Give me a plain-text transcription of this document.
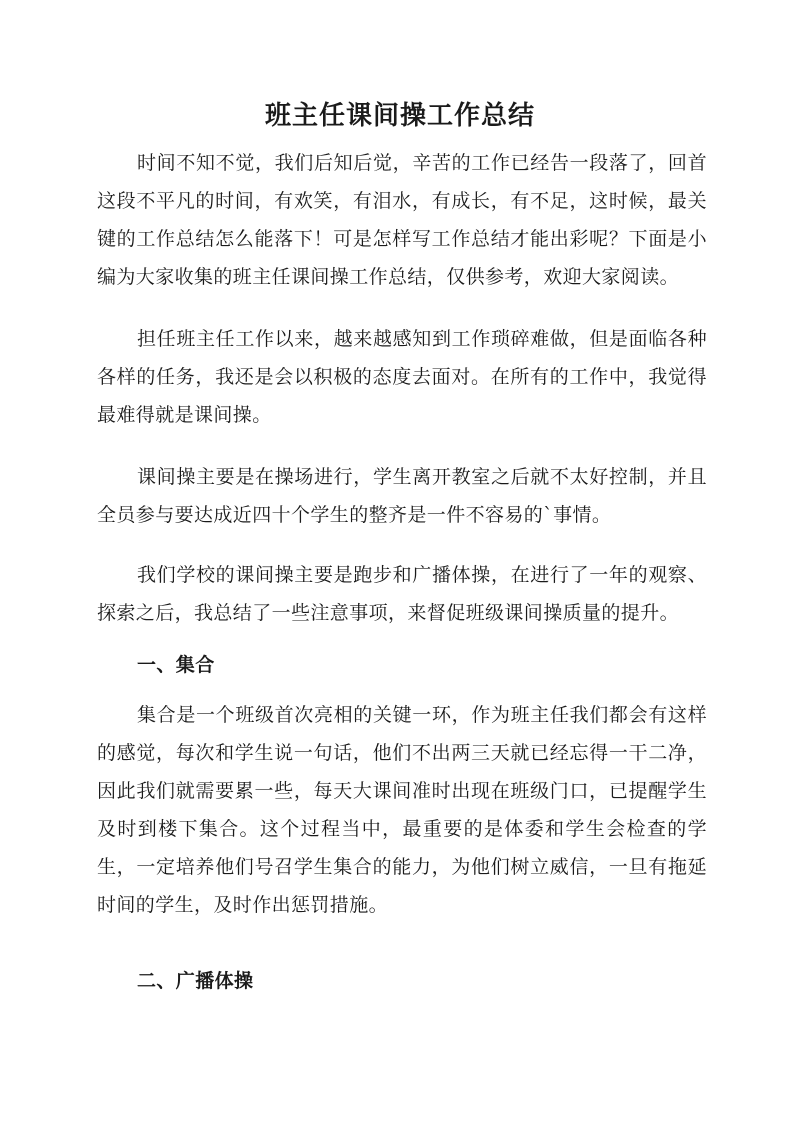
班主任课间操工作总结

时间不知不觉，我们后知后觉，辛苦的工作已经告一段落了，回首这段不平凡的时间，有欢笑，有泪水，有成长，有不足，这时候，最关键的工作总结怎么能落下！可是怎样写工作总结才能出彩呢？下面是小编为大家收集的班主任课间操工作总结，仅供参考，欢迎大家阅读。

担任班主任工作以来，越来越感知到工作琐碎难做，但是面临各种各样的任务，我还是会以积极的态度去面对。在所有的工作中，我觉得最难得就是课间操。

课间操主要是在操场进行，学生离开教室之后就不太好控制，并且全员参与要达成近四十个学生的整齐是一件不容易的`事情。

我们学校的课间操主要是跑步和广播体操，在进行了一年的观察、探索之后，我总结了一些注意事项，来督促班级课间操质量的提升。

一、集合

集合是一个班级首次亮相的关键一环，作为班主任我们都会有这样的感觉，每次和学生说一句话，他们不出两三天就已经忘得一干二净，因此我们就需要累一些，每天大课间准时出现在班级门口，已提醒学生及时到楼下集合。这个过程当中，最重要的是体委和学生会检查的学生，一定培养他们号召学生集合的能力，为他们树立威信，一旦有拖延时间的学生，及时作出惩罚措施。

二、广播体操
